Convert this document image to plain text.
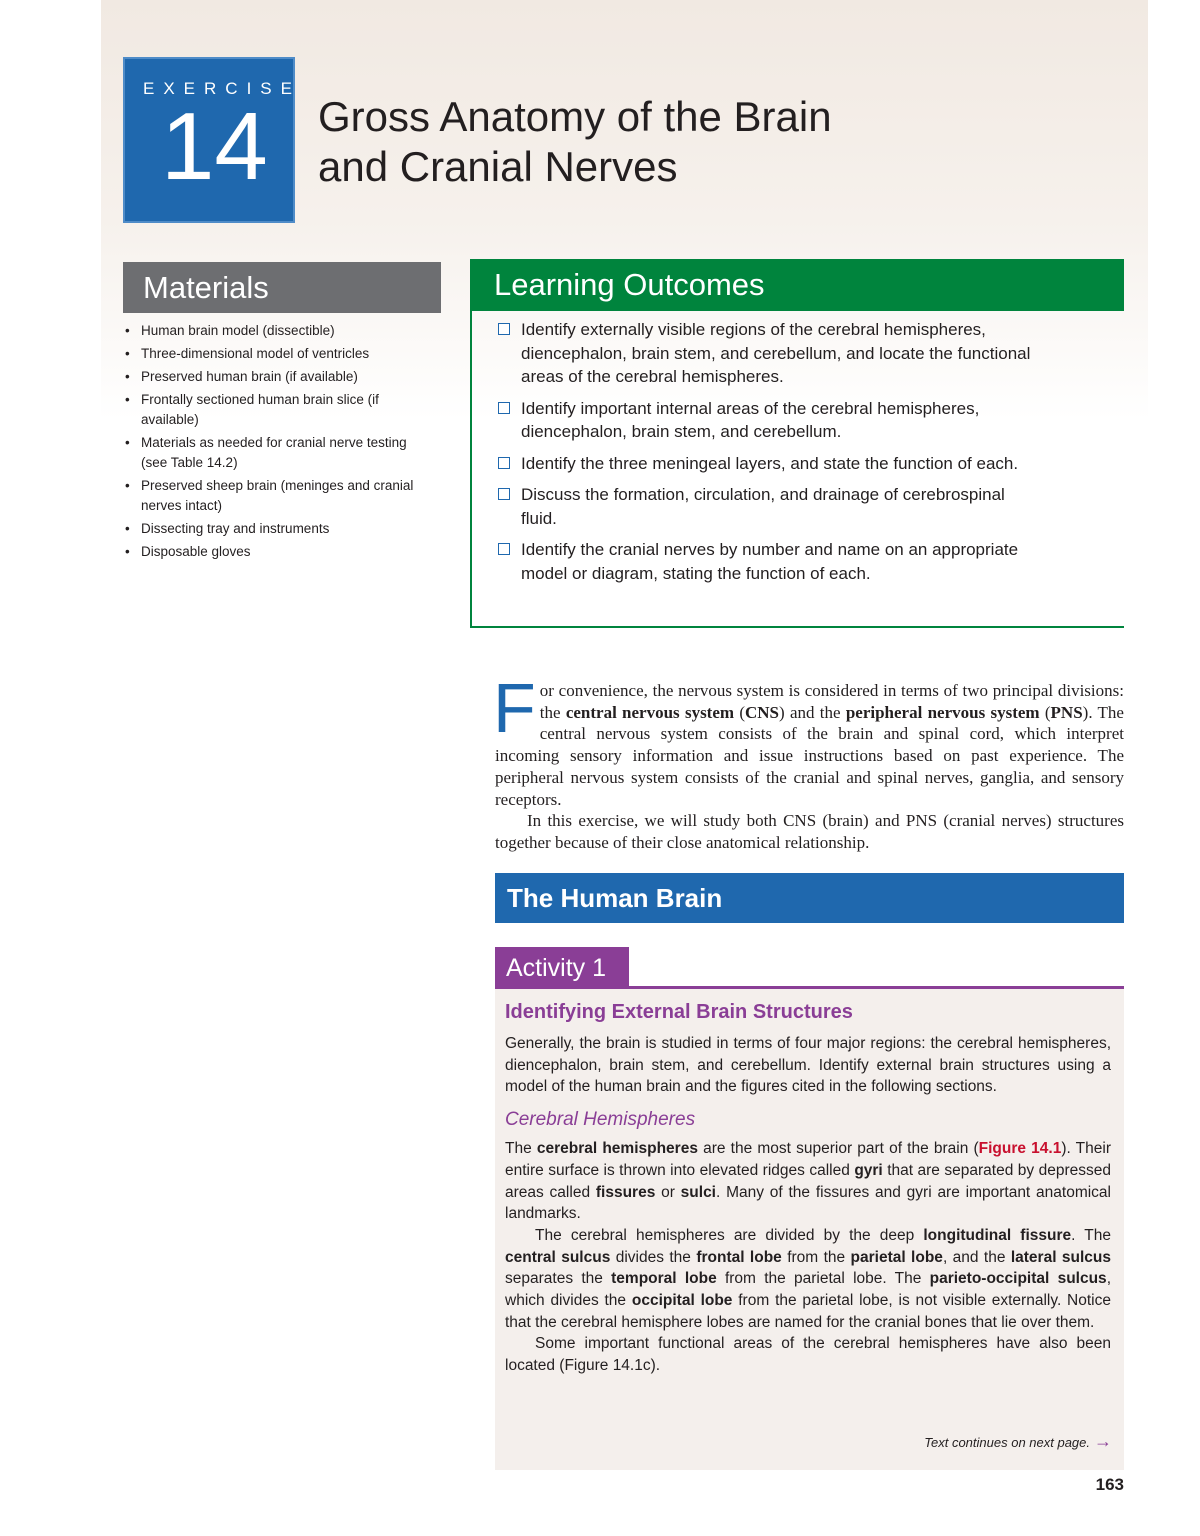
EXERCISE
14 Gross Anatomy of the Brain
and Cranial Nerves
Materials
• Human brain model (dissectible)
• Three-dimensional model of ventricles
• Preserved human brain (if available)
• Frontally sectioned human brain slice (if available)
• Materials as needed for cranial nerve testing (see Table 14.2)
• Preserved sheep brain (meninges and cranial nerves intact)
• Dissecting tray and instruments
• Disposable gloves
Learning Outcomes
Identify externally visible regions of the cerebral hemispheres, diencephalon, brain stem, and cerebellum, and locate the functional areas of the cerebral hemispheres.
Identify important internal areas of the cerebral hemispheres, diencephalon, brain stem, and cerebellum.
Identify the three meningeal layers, and state the function of each.
Discuss the formation, circulation, and drainage of cerebrospinal fluid.
Identify the cranial nerves by number and name on an appropriate model or diagram, stating the function of each.

For convenience, the nervous system is considered in terms of two principal divisions: the central nervous system (CNS) and the peripheral nervous system (PNS). The central nervous system consists of the brain and spinal cord, which interpret incoming sensory information and issue instructions based on past experience. The peripheral nervous system consists of the cranial and spinal nerves, ganglia, and sensory receptors.

In this exercise, we will study both CNS (brain) and PNS (cranial nerves) structures together because of their close anatomical relationship.

The Human Brain
Activity 1
Identifying External Brain Structures

Generally, the brain is studied in terms of four major regions: the cerebral hemispheres, diencephalon, brain stem, and cerebellum. Identify external brain structures using a model of the human brain and the figures cited in the following sections.

Cerebral Hemispheres

The cerebral hemispheres are the most superior part of the brain (Figure 14.1). Their entire surface is thrown into elevated ridges called gyri that are separated by depressed areas called fissures or sulci. Many of the fissures and gyri are important anatomical landmarks.

The cerebral hemispheres are divided by the deep longitudinal fissure. The central sulcus divides the frontal lobe from the parietal lobe, and the lateral sulcus separates the temporal lobe from the parietal lobe. The parieto-occipital sulcus, which divides the occipital lobe from the parietal lobe, is not visible externally. Notice that the cerebral hemisphere lobes are named for the cranial bones that lie over them.

Some important functional areas of the cerebral hemispheres have also been located (Figure 14.1c).

Text continues on next page. →
163
